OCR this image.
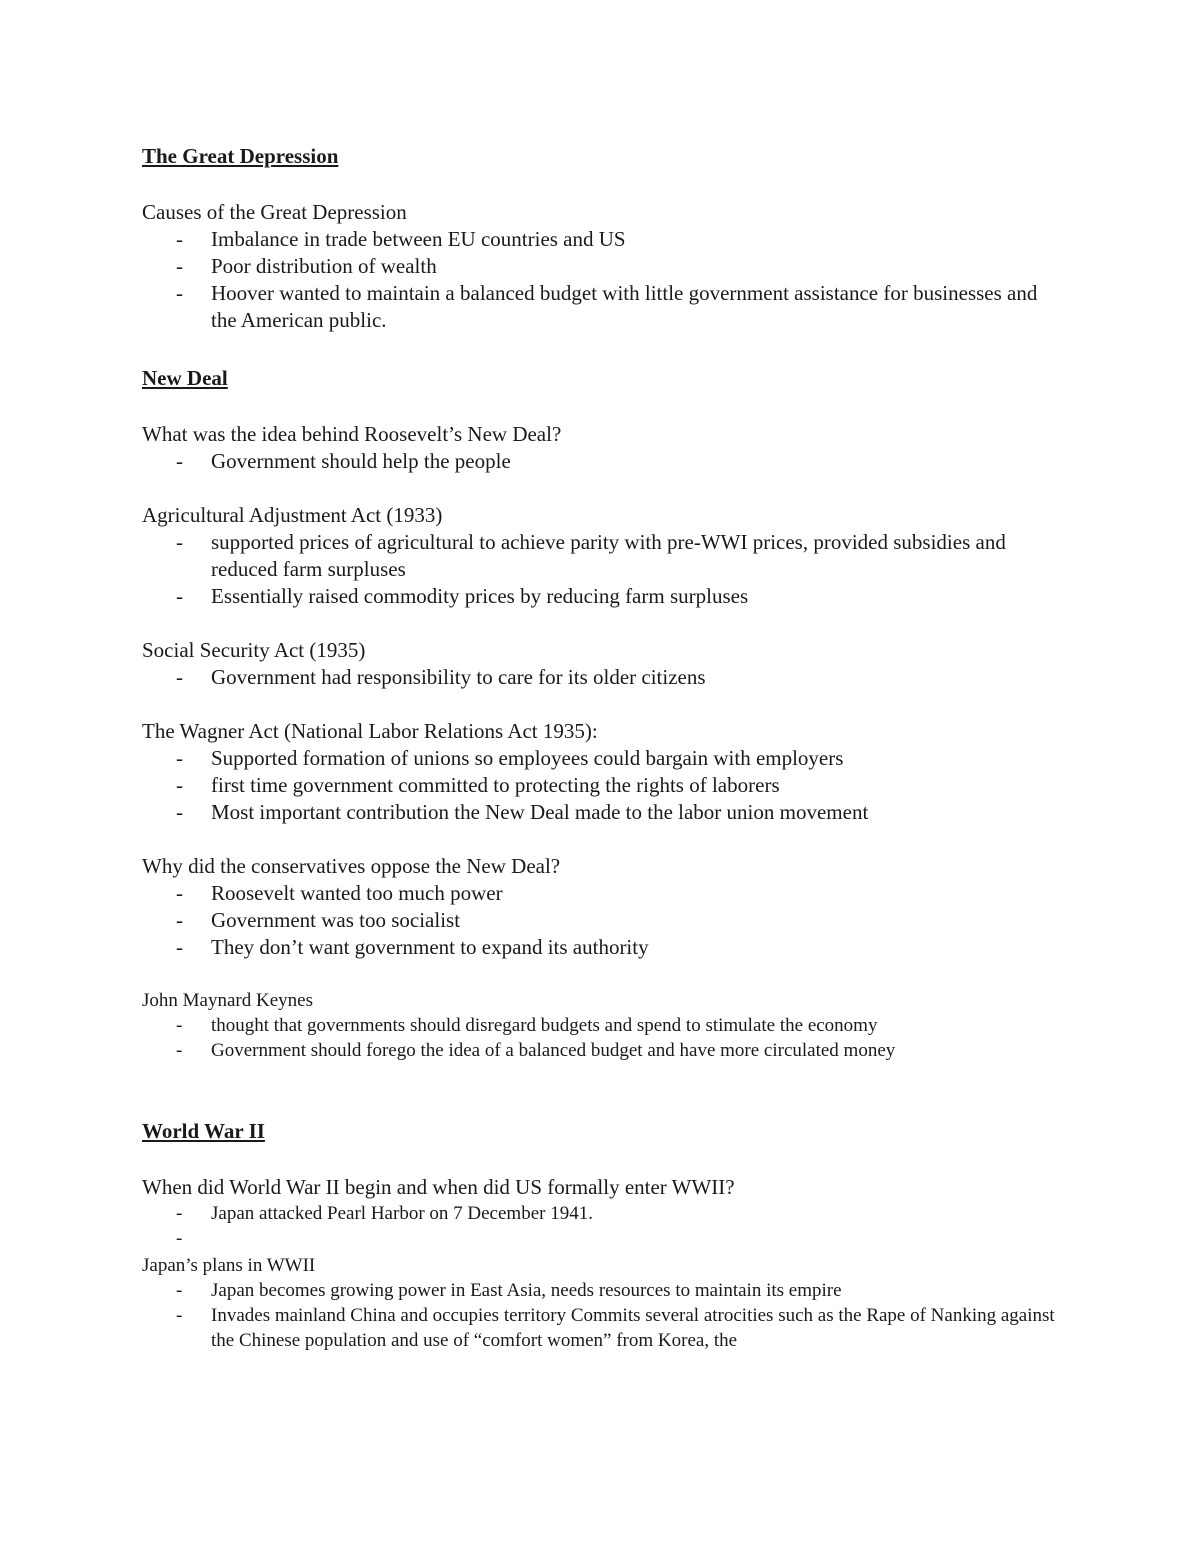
The Great Depression

Causes of the Great Depression

- Imbalance in trade between EU countries and US
- Poor distribution of wealth
- Hoover wanted to maintain a balanced budget with little government assistance for businesses and the American public.

New Deal

What was the idea behind Roosevelt’s New Deal?

- Government should help the people

Agricultural Adjustment Act (1933)

- supported prices of agricultural to achieve parity with pre-WWI prices, provided subsidies and reduced farm surpluses
- Essentially raised commodity prices by reducing farm surpluses

Social Security Act (1935)

- Government had responsibility to care for its older citizens

The Wagner Act (National Labor Relations Act 1935):

- Supported formation of unions so employees could bargain with employers
- first time government committed to protecting the rights of laborers
- Most important contribution the New Deal made to the labor union movement

Why did the conservatives oppose the New Deal?

- Roosevelt wanted too much power
- Government was too socialist
- They don’t want government to expand its authority

John Maynard Keynes

- thought that governments should disregard budgets and spend to stimulate the economy
- Government should forego the idea of a balanced budget and have more circulated money

World War II

When did World War II begin and when did US formally enter WWII?

- Japan attacked Pearl Harbor on 7 December 1941.

Japan’s plans in WWII

- Japan becomes growing power in East Asia, needs resources to maintain its empire
- Invades mainland China and occupies territory Commits several atrocities such as the Rape of Nanking against the Chinese population and use of “comfort women” from Korea, the
